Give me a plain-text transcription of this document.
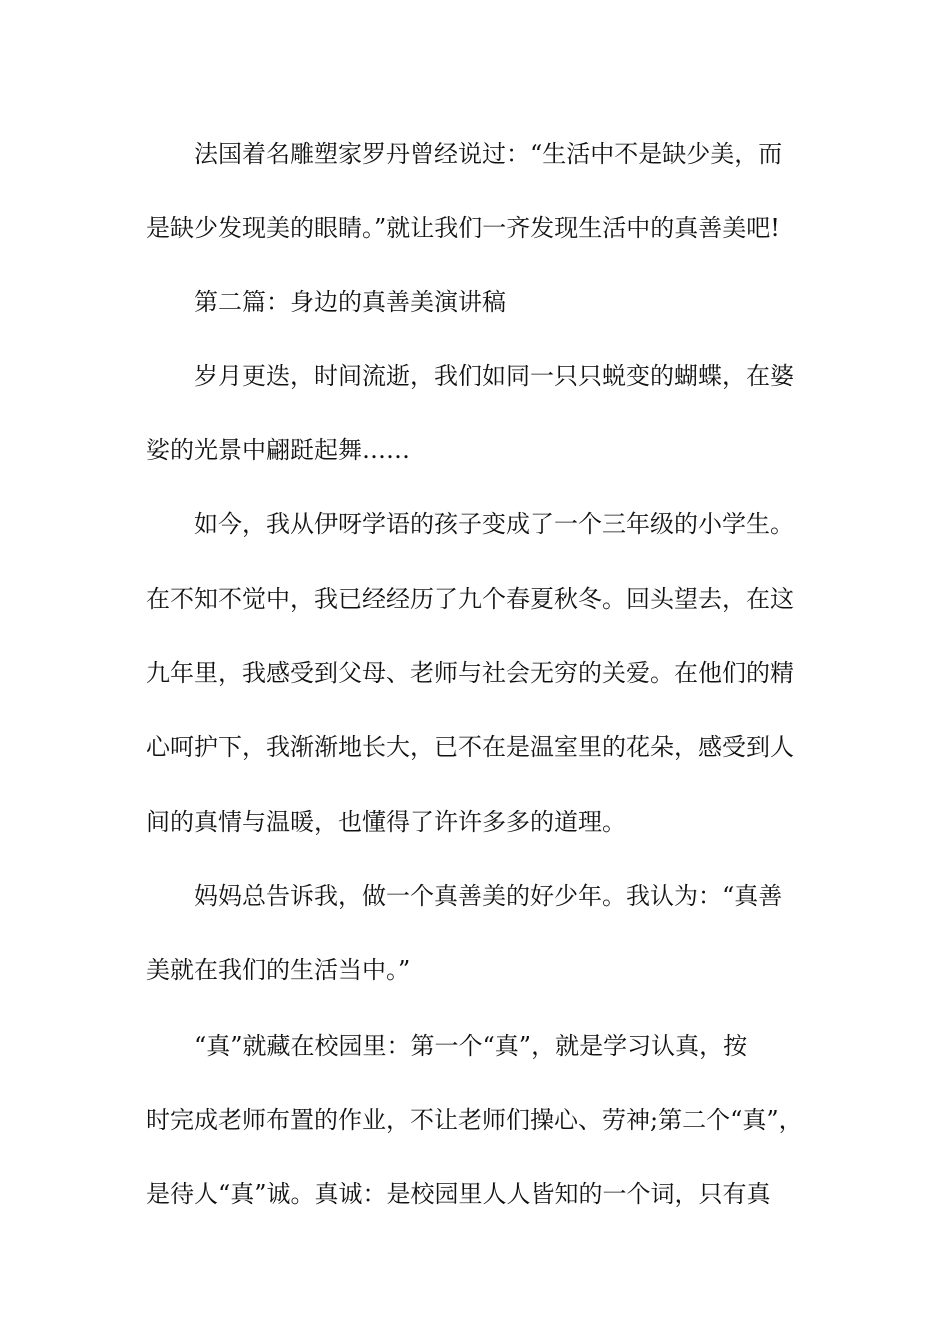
法国着名雕塑家罗丹曾经说过：“生活中不是缺少美，而

是缺少发现美的眼睛。”就让我们一齐发现生活中的真善美吧!

第二篇：身边的真善美演讲稿

岁月更迭，时间流逝，我们如同一只只蜕变的蝴蝶，在婆

娑的光景中翩跹起舞……

如今，我从伊呀学语的孩子变成了一个三年级的小学生。

在不知不觉中，我已经经历了九个春夏秋冬。回头望去，在这

九年里，我感受到父母、老师与社会无穷的关爱。在他们的精

心呵护下，我渐渐地长大，已不在是温室里的花朵，感受到人

间的真情与温暖，也懂得了许许多多的道理。

妈妈总告诉我，做一个真善美的好少年。我认为：“真善

美就在我们的生活当中。”

“真”就藏在校园里：第一个“真”，就是学习认真，按

时完成老师布置的作业，不让老师们操心、劳神;第二个“真”，

是待人“真”诚。真诚：是校园里人人皆知的一个词，只有真
